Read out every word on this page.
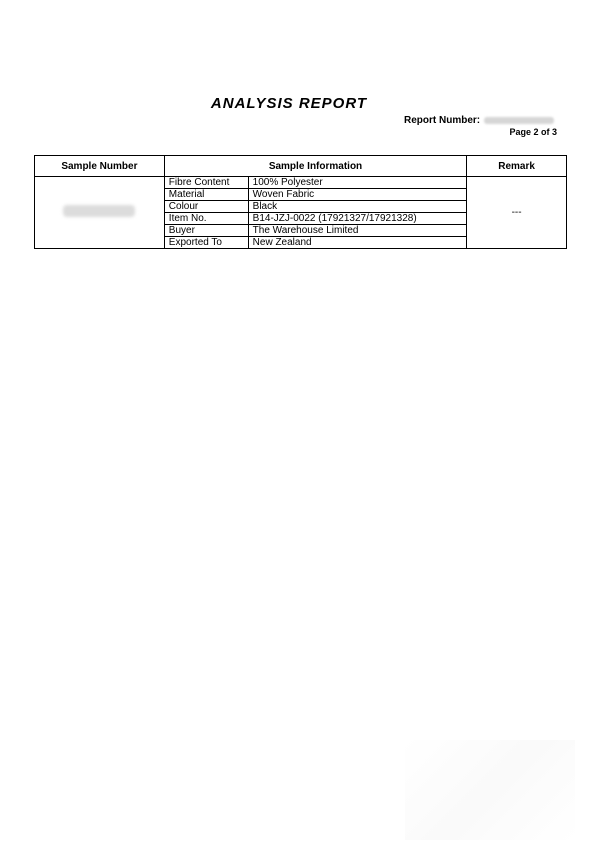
ANALYSIS REPORT
Report Number:
Page 2 of 3
Sample Number	Sample Information		Remark
	Fibre Content	100% Polyester	---
	Material	Woven Fabric	
	Colour	Black	
	Item No.	B14-JZJ-0022 (17921327/17921328)	
	Buyer	The Warehouse Limited	
	Exported To	New Zealand	
